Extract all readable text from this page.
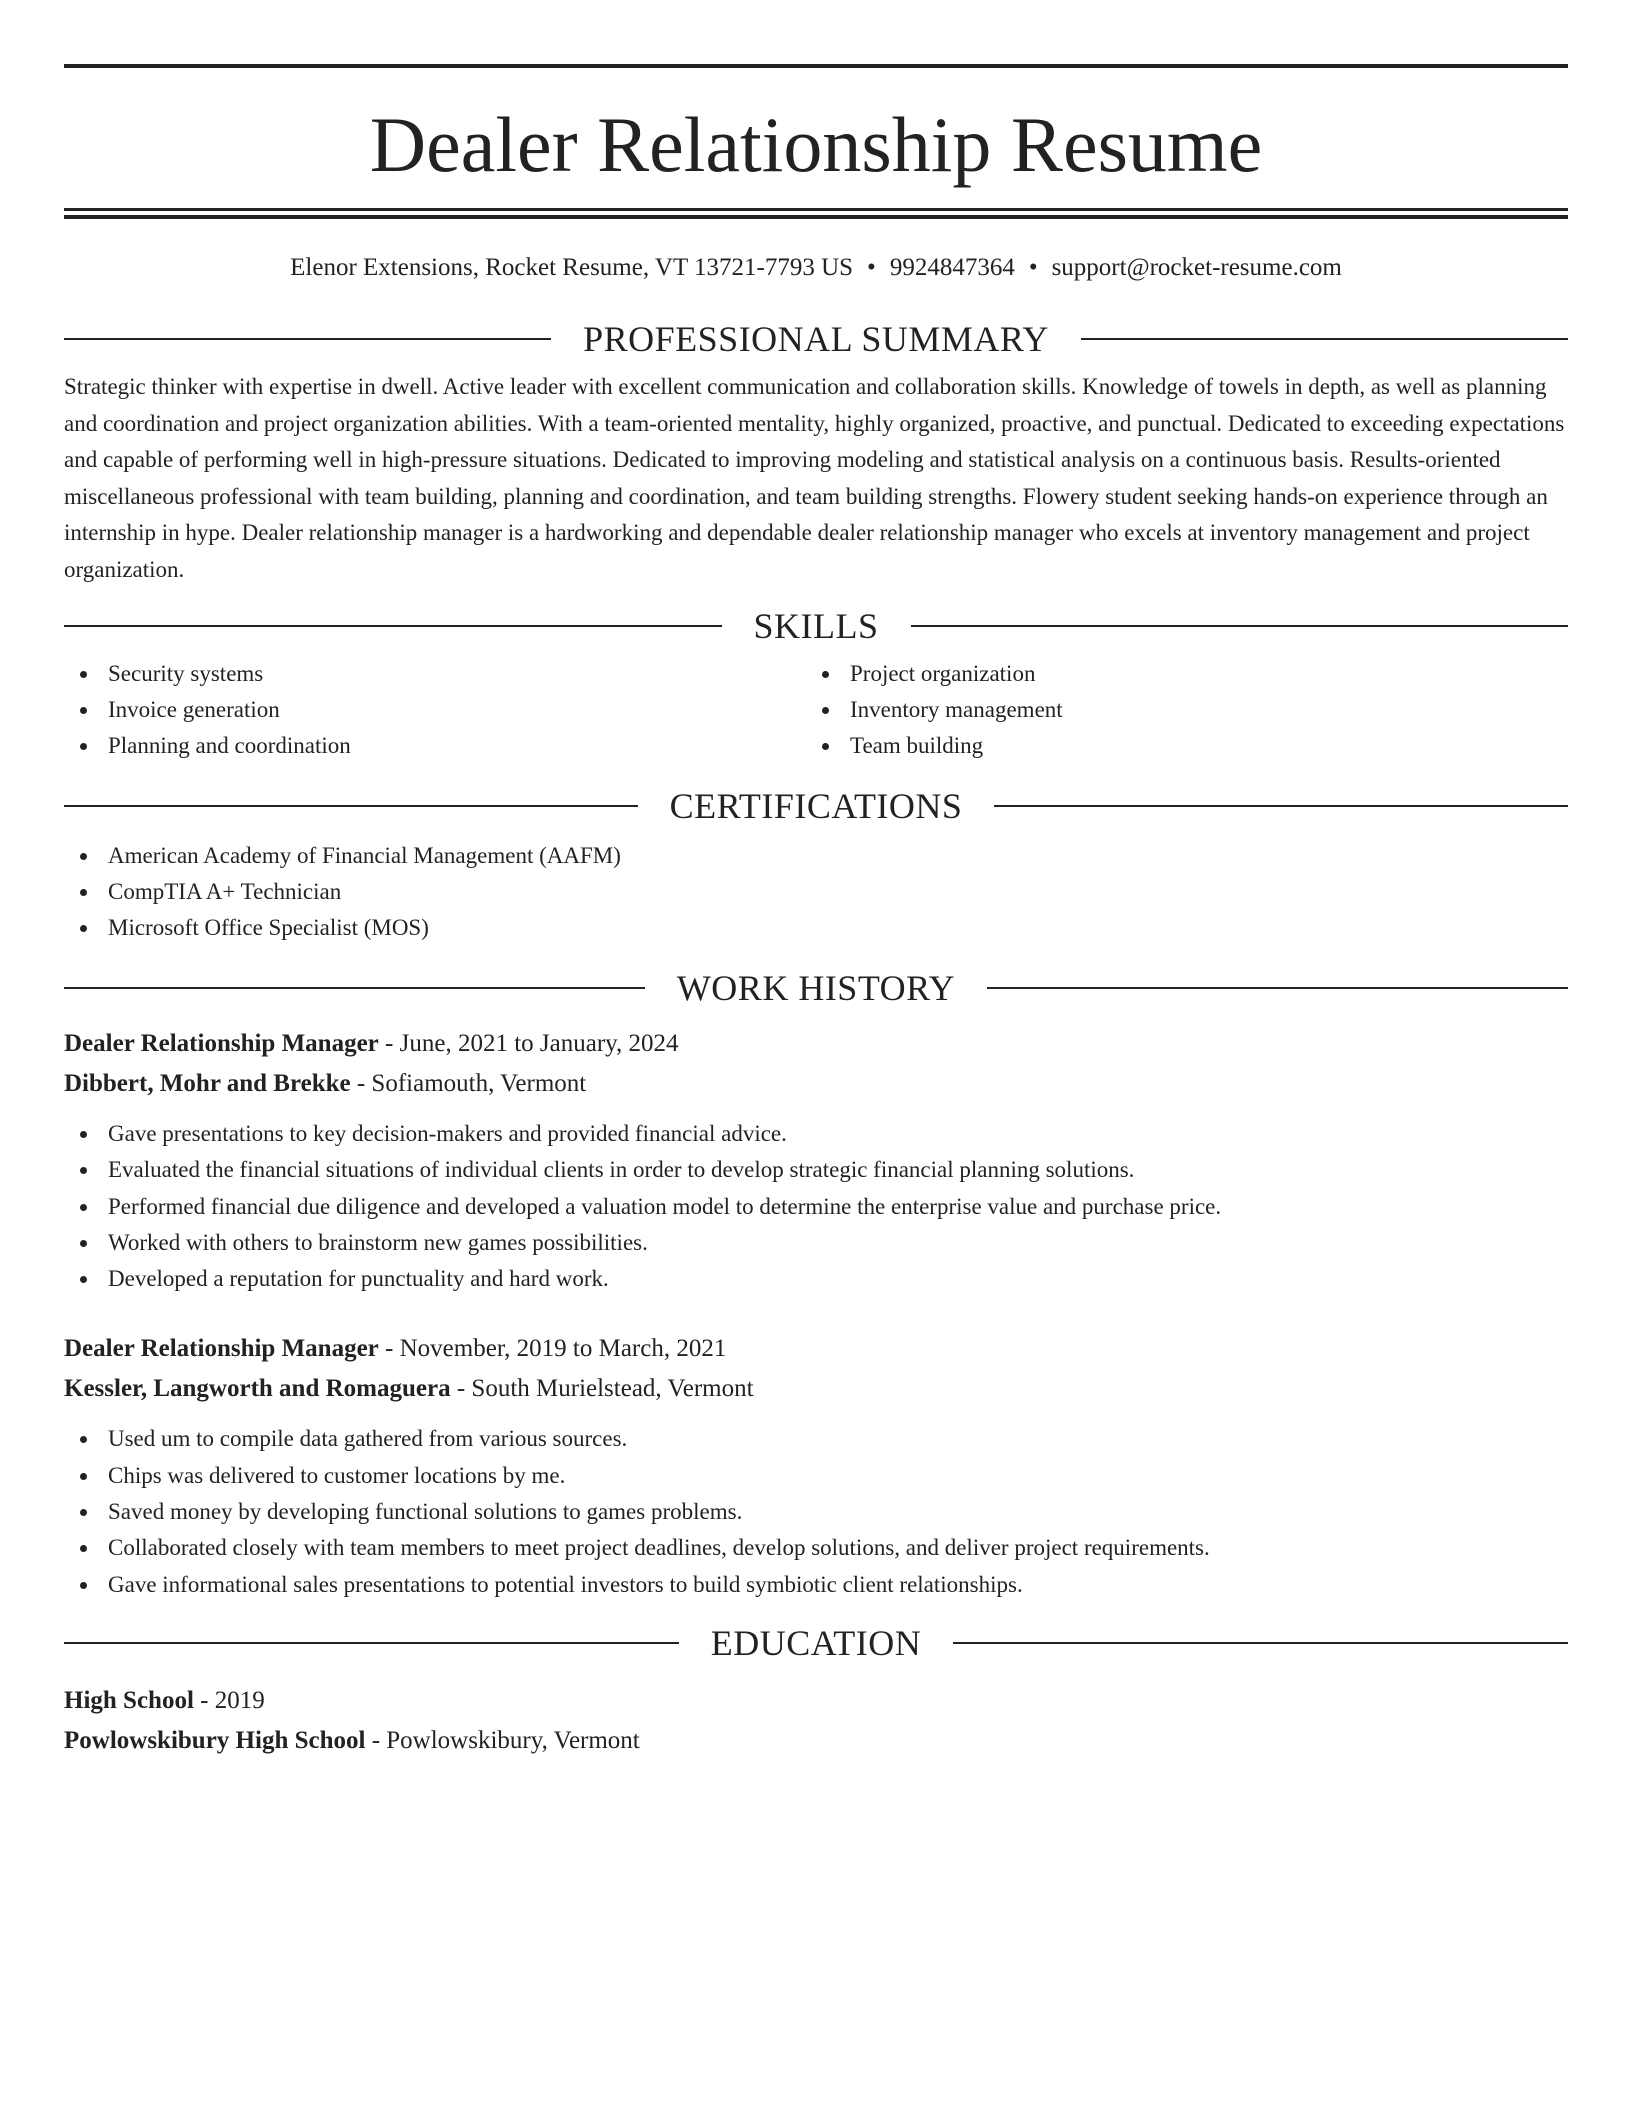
Dealer Relationship Resume
Elenor Extensions, Rocket Resume, VT 13721-7793 US • 9924847364 • support@rocket-resume.com
PROFESSIONAL SUMMARY
Strategic thinker with expertise in dwell. Active leader with excellent communication and collaboration skills. Knowledge of towels in depth, as well as planning and coordination and project organization abilities. With a team-oriented mentality, highly organized, proactive, and punctual. Dedicated to exceeding expectations and capable of performing well in high-pressure situations. Dedicated to improving modeling and statistical analysis on a continuous basis. Results-oriented miscellaneous professional with team building, planning and coordination, and team building strengths. Flowery student seeking hands-on experience through an internship in hype. Dealer relationship manager is a hardworking and dependable dealer relationship manager who excels at inventory management and project organization.
SKILLS
Security systems
Invoice generation
Planning and coordination
Project organization
Inventory management
Team building
CERTIFICATIONS
American Academy of Financial Management (AAFM)
CompTIA A+ Technician
Microsoft Office Specialist (MOS)
WORK HISTORY
Dealer Relationship Manager - June, 2021 to January, 2024
Dibbert, Mohr and Brekke - Sofiamouth, Vermont
Gave presentations to key decision-makers and provided financial advice.
Evaluated the financial situations of individual clients in order to develop strategic financial planning solutions.
Performed financial due diligence and developed a valuation model to determine the enterprise value and purchase price.
Worked with others to brainstorm new games possibilities.
Developed a reputation for punctuality and hard work.
Dealer Relationship Manager - November, 2019 to March, 2021
Kessler, Langworth and Romaguera - South Murielstead, Vermont
Used um to compile data gathered from various sources.
Chips was delivered to customer locations by me.
Saved money by developing functional solutions to games problems.
Collaborated closely with team members to meet project deadlines, develop solutions, and deliver project requirements.
Gave informational sales presentations to potential investors to build symbiotic client relationships.
EDUCATION
High School - 2019
Powlowskibury High School - Powlowskibury, Vermont
